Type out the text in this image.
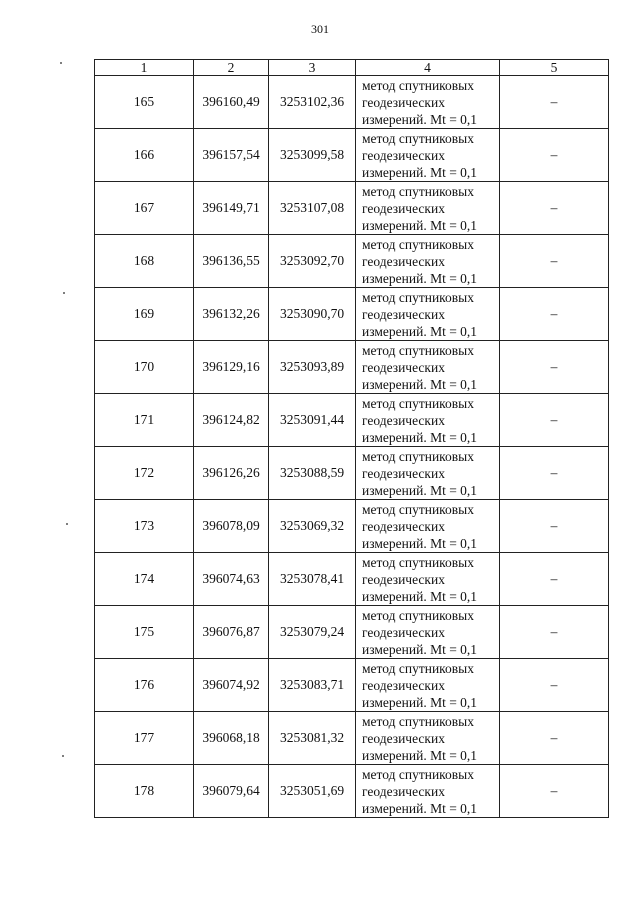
301
1	2	3	4	5
165	396160,49	3253102,36	метод спутниковых
геодезических
измерений. Mt = 0,1	–
166	396157,54	3253099,58	метод спутниковых
геодезических
измерений. Mt = 0,1	–
167	396149,71	3253107,08	метод спутниковых
геодезических
измерений. Mt = 0,1	–
168	396136,55	3253092,70	метод спутниковых
геодезических
измерений. Mt = 0,1	–
169	396132,26	3253090,70	метод спутниковых
геодезических
измерений. Mt = 0,1	–
170	396129,16	3253093,89	метод спутниковых
геодезических
измерений. Mt = 0,1	–
171	396124,82	3253091,44	метод спутниковых
геодезических
измерений. Mt = 0,1	–
172	396126,26	3253088,59	метод спутниковых
геодезических
измерений. Mt = 0,1	–
173	396078,09	3253069,32	метод спутниковых
геодезических
измерений. Mt = 0,1	–
174	396074,63	3253078,41	метод спутниковых
геодезических
измерений. Mt = 0,1	–
175	396076,87	3253079,24	метод спутниковых
геодезических
измерений. Mt = 0,1	–
176	396074,92	3253083,71	метод спутниковых
геодезических
измерений. Mt = 0,1	–
177	396068,18	3253081,32	метод спутниковых
геодезических
измерений. Mt = 0,1	–
178	396079,64	3253051,69	метод спутниковых
геодезических
измерений. Mt = 0,1	–
